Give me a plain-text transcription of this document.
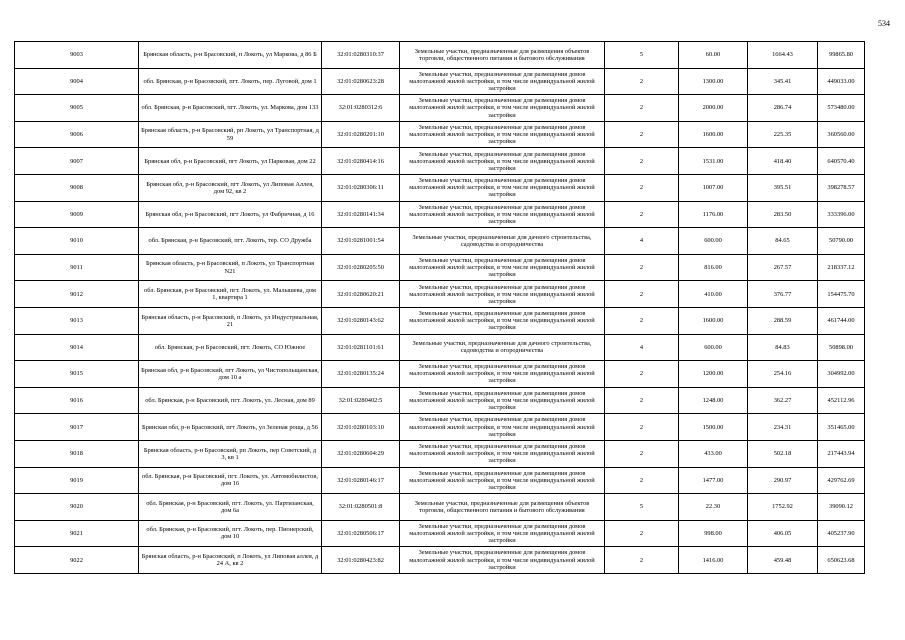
534
9003	Брянская область, р-н Брасовский, п Локоть, ул Маркова, д 86 Б	32:01:0280310:37	Земельные участки, предназначенные для размещения объектов торговли, общественного питания и бытового обслуживания	5	60.00	1664.43	99865.80
9004	обл. Брянская, р-н Брасовский, пгт. Локоть, пер. Луговой, дом 1	32:01:0280623:28	Земельные участки, предназначенные для размещения домов малоэтажной жилой застройки, в том числе индивидуальной жилой застройки	2	1300.00	345.41	449033.00
9005	обл. Брянская, р-н Брасовский, пгт. Локоть, ул. Маркова, дом 133	32:01:0280312:6	Земельные участки, предназначенные для размещения домов малоэтажной жилой застройки, в том числе индивидуальной жилой застройки	2	2000.00	286.74	573480.00
9006	Брянская область, р-н Брасовский, рп Локоть, ул Транспортная, д 59	32:01:0280201:10	Земельные участки, предназначенные для размещения домов малоэтажной жилой застройки, в том числе индивидуальной жилой застройки	2	1600.00	225.35	360560.00
9007	Брянская обл, р-н Брасовский, пгт Локоть, ул Парковая, дом 22	32:01:0280414:16	Земельные участки, предназначенные для размещения домов малоэтажной жилой застройки, в том числе индивидуальной жилой застройки	2	1531.00	418.40	640570.40
9008	Брянская обл, р-н Брасовский, пгт Локоть, ул Липовая Аллея, дом 92, кв 2	32:01:0280306:11	Земельные участки, предназначенные для размещения домов малоэтажной жилой застройки, в том числе индивидуальной жилой застройки	2	1007.00	395.51	398278.57
9009	Брянская обл, р-н Брасовский, пгт Локоть, ул Фабричная, д 16	32:01:0280141:34	Земельные участки, предназначенные для размещения домов малоэтажной жилой застройки, в том числе индивидуальной жилой застройки	2	1176.00	283.50	333396.00
9010	обл. Брянская, р-н Брасовский, пгт. Локоть, тер. СО Дружба	32:01:0281001:54	Земельные участки, предназначенные для дачного строительства, садоводства и огородничества	4	600.00	84.65	50790.00
9011	Брянская область, р-н Брасовский, п Локоть, ул Транспортная N21	32:01:0280205:50	Земельные участки, предназначенные для размещения домов малоэтажной жилой застройки, в том числе индивидуальной жилой застройки	2	816.00	267.57	218337.12
9012	обл. Брянская, р-н Брасовский, пгт. Локоть, ул. Малышева, дом 1, квартира 1	32:01:0280620:21	Земельные участки, предназначенные для размещения домов малоэтажной жилой застройки, в том числе индивидуальной жилой застройки	2	410.00	376.77	154475.70
9013	Брянская область, р-н Брасовский, п Локоть, ул Индустриальная, 21	32:01:0280143:62	Земельные участки, предназначенные для размещения домов малоэтажной жилой застройки, в том числе индивидуальной жилой застройки	2	1600.00	288.59	461744.00
9014	обл. Брянская, р-н Брасовский, пгт. Локоть, СО Южное	32:01:0281101:61	Земельные участки, предназначенные для дачного строительства, садоводства и огородничества	4	600.00	84.83	50898.00
9015	Брянская обл, р-н Брасовский, пгт Локоть, ул Чистопольщанская, дом 10 а	32:01:0280135:24	Земельные участки, предназначенные для размещения домов малоэтажной жилой застройки, в том числе индивидуальной жилой застройки	2	1200.00	254.16	304992.00
9016	обл. Брянская, р-н Брасовский, пгт. Локоть, ул. Лесная, дом 89	32:01:0280402:5	Земельные участки, предназначенные для размещения домов малоэтажной жилой застройки, в том числе индивидуальной жилой застройки	2	1248.00	362.27	452112.96
9017	Брянская обл, р-н Брасовский, пгт Локоть, ул Зеленая роща, д 56	32:01:0280103:10	Земельные участки, предназначенные для размещения домов малоэтажной жилой застройки, в том числе индивидуальной жилой застройки	2	1500.00	234.31	351465.00
9018	Брянская область, р-н Брасовский, рп Локоть, пер Советский, д 3, кв 1	32:01:0280604:29	Земельные участки, предназначенные для размещения домов малоэтажной жилой застройки, в том числе индивидуальной жилой застройки	2	433.00	502.18	217443.94
9019	обл. Брянская, р-н Брасовский, пгт. Локоть, ул. Автомобилистов, дом 16	32:01:0280146:17	Земельные участки, предназначенные для размещения домов малоэтажной жилой застройки, в том числе индивидуальной жилой застройки	2	1477.00	290.97	429762.69
9020	обл. Брянская, р-н Брасовский, пгт. Локоть, ул. Партизанская, дом 6а	32:01:0280501:8	Земельные участки, предназначенные для размещения объектов торговли, общественного питания и бытового обслуживания	5	22.30	1752.92	39090.12
9021	обл. Брянская, р-н Брасовский, пгт. Локоть, пер. Пионерский, дом 10	32:01:0280506:17	Земельные участки, предназначенные для размещения домов малоэтажной жилой застройки, в том числе индивидуальной жилой застройки	2	998.00	406.05	405237.90
9022	Брянская область, р-н Брасовский, п Локоть, ул Липовая аллея, д 24 А, кв 2	32:01:0280423:82	Земельные участки, предназначенные для размещения домов малоэтажной жилой застройки, в том числе индивидуальной жилой застройки	2	1416.00	459.48	650623.68
